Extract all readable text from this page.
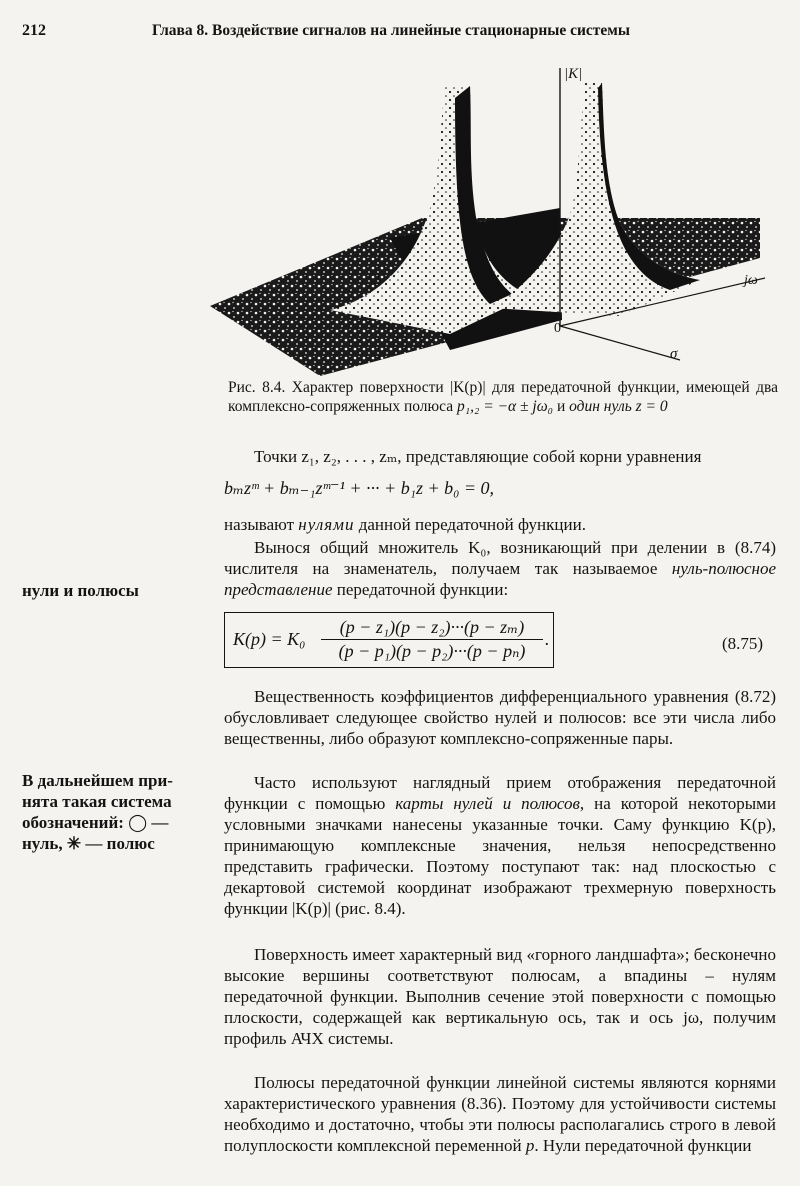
212	Глава 8. Воздействие сигналов на линейные стационарные системы
|K|
jω
σ
0
Рис. 8.4. Характер поверхности |K(p)| для передаточной функции, имеющей два комплексно-сопряженных полюса p₁,₂ = −α ± jω₀ и один нуль z = 0
Точки z₁, z₂, . . . , zₘ, представляющие собой корни уравнения
bₘzᵐ + bₘ₋₁zᵐ⁻¹ + ··· + b₁z + b₀ = 0,
называют нулями данной передаточной функции.
Вынося общий множитель K₀, возникающий при делении в (8.74) числителя на знаменатель, получаем так называемое нуль-полюсное представление передаточной функции:
нули и полюсы
$K(p) = K_0 \frac{\text{(p − z₁)(p − z₂)···(p − zₘ)}}{\text{(p − p₁)(p − p₂)···(p − pₙ)}}$ .	(8.75)
Вещественность коэффициентов дифференциального уравнения (8.72) обусловливает следующее свойство нулей и полюсов: все эти числа либо вещественны, либо образуют комплексно-сопряженные пары.
В дальнейшем при-
нята такая система
обозначений: ◯ —
нуль, ✳ — полюс
Часто используют наглядный прием отображения передаточной функции с помощью карты нулей и полюсов, на которой некоторыми условными значками нанесены указанные точки. Саму функцию K(p), принимающую комплексные значения, нельзя непосредственно представить графически. Поэтому поступают так: над плоскостью с декартовой системой координат изображают трехмерную поверхность функции |K(p)| (рис. 8.4).
Поверхность имеет характерный вид «горного ландшафта»; бесконечно высокие вершины соответствуют полюсам, а впадины – нулям передаточной функции. Выполнив сечение этой поверхности с помощью плоскости, содержащей как вертикальную ось, так и ось jω, получим профиль АЧХ системы.
Полюсы передаточной функции линейной системы являются корнями характеристического уравнения (8.36). Поэтому для устойчивости системы необходимо и достаточно, чтобы эти полюсы располагались строго в левой полуплоскости комплексной переменной p. Нули передаточной функции
